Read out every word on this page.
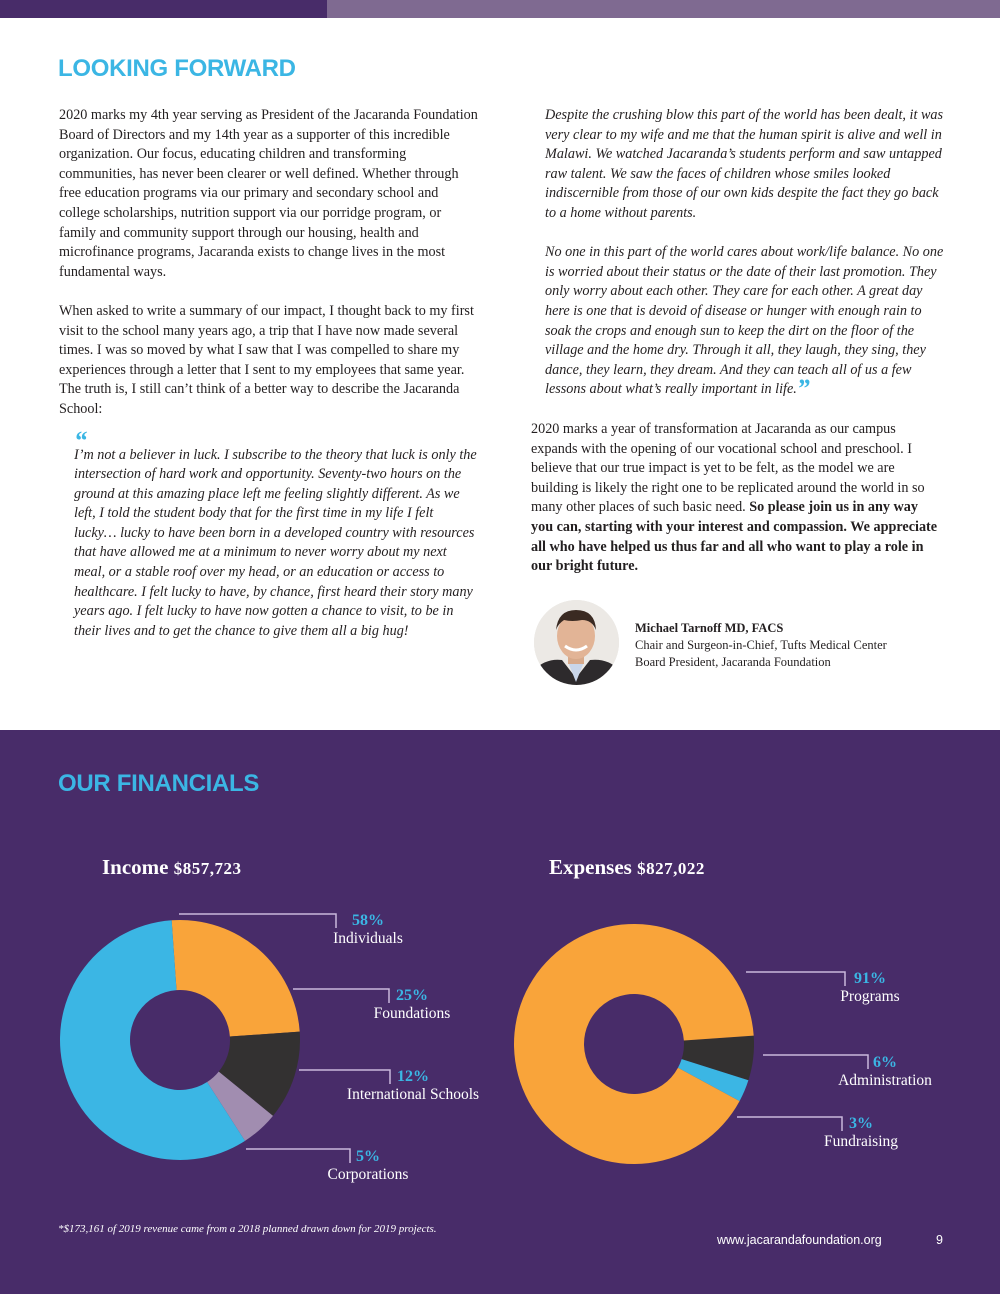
LOOKING FORWARD

2020 marks my 4th year serving as President of the Jacaranda Foundation Board of Directors and my 14th year as a supporter of this incredible organization. Our focus, educating children and transforming communities, has never been clearer or well defined. Whether through free education programs via our primary and secondary school and college scholarships, nutrition support via our porridge program, or family and community support through our housing, health and microfinance programs, Jacaranda exists to change lives in the most fundamental ways.

When asked to write a summary of our impact, I thought back to my first visit to the school many years ago, a trip that I have now made several times. I was so moved by what I saw that I was compelled to share my experiences through a letter that I sent to my employees that same year. The truth is, I still can’t think of a better way to describe the Jacaranda School:

“
I’m not a believer in luck. I subscribe to the theory that luck is only the intersection of hard work and opportunity. Seventy-two hours on the ground at this amazing place left me feeling slightly different. As we left, I told the student body that for the first time in my life I felt lucky… lucky to have been born in a developed country with resources that have allowed me at a minimum to never worry about my next meal, or a stable roof over my head, or an education or access to healthcare. I felt lucky to have, by chance, first heard their story many years ago. I felt lucky to have now gotten a chance to visit, to be in their lives and to get the chance to give them all a big hug!

Despite the crushing blow this part of the world has been dealt, it was very clear to my wife and me that the human spirit is alive and well in Malawi. We watched Jacaranda’s students perform and saw untapped raw talent. We saw the faces of children whose smiles looked indiscernible from those of our own kids despite the fact they go back to a home without parents.

No one in this part of the world cares about work/life balance. No one is worried about their status or the date of their last promotion. They only worry about each other. They care for each other. A great day here is one that is devoid of disease or hunger with enough rain to soak the crops and enough sun to keep the dirt on the floor of the village and the home dry. Through it all, they laugh, they sing, they dance, they learn, they dream. And they can teach all of us a few lessons about what’s really important in life.”

2020 marks a year of transformation at Jacaranda as our campus expands with the opening of our vocational school and preschool. I believe that our true impact is yet to be felt, as the model we are building is likely the right one to be replicated around the world in so many other places of such basic need. So please join us in any way you can, starting with your interest and compassion. We appreciate all who have helped us thus far and all who want to play a role in our bright future.

Michael Tarnoff MD, FACS
Chair and Surgeon-in-Chief, Tufts Medical Center
Board President, Jacaranda Foundation
OUR FINANCIALS
Income $857,723	Expenses $827,022
58%
Individuals
25%
Foundations
12%
International Schools
5%
Corporations
91%
Programs
6%
Administration
3%
Fundraising
*$173,161 of 2019 revenue came from a 2018 planned drawn down for 2019 projects.
www.jacarandafoundation.org	9
